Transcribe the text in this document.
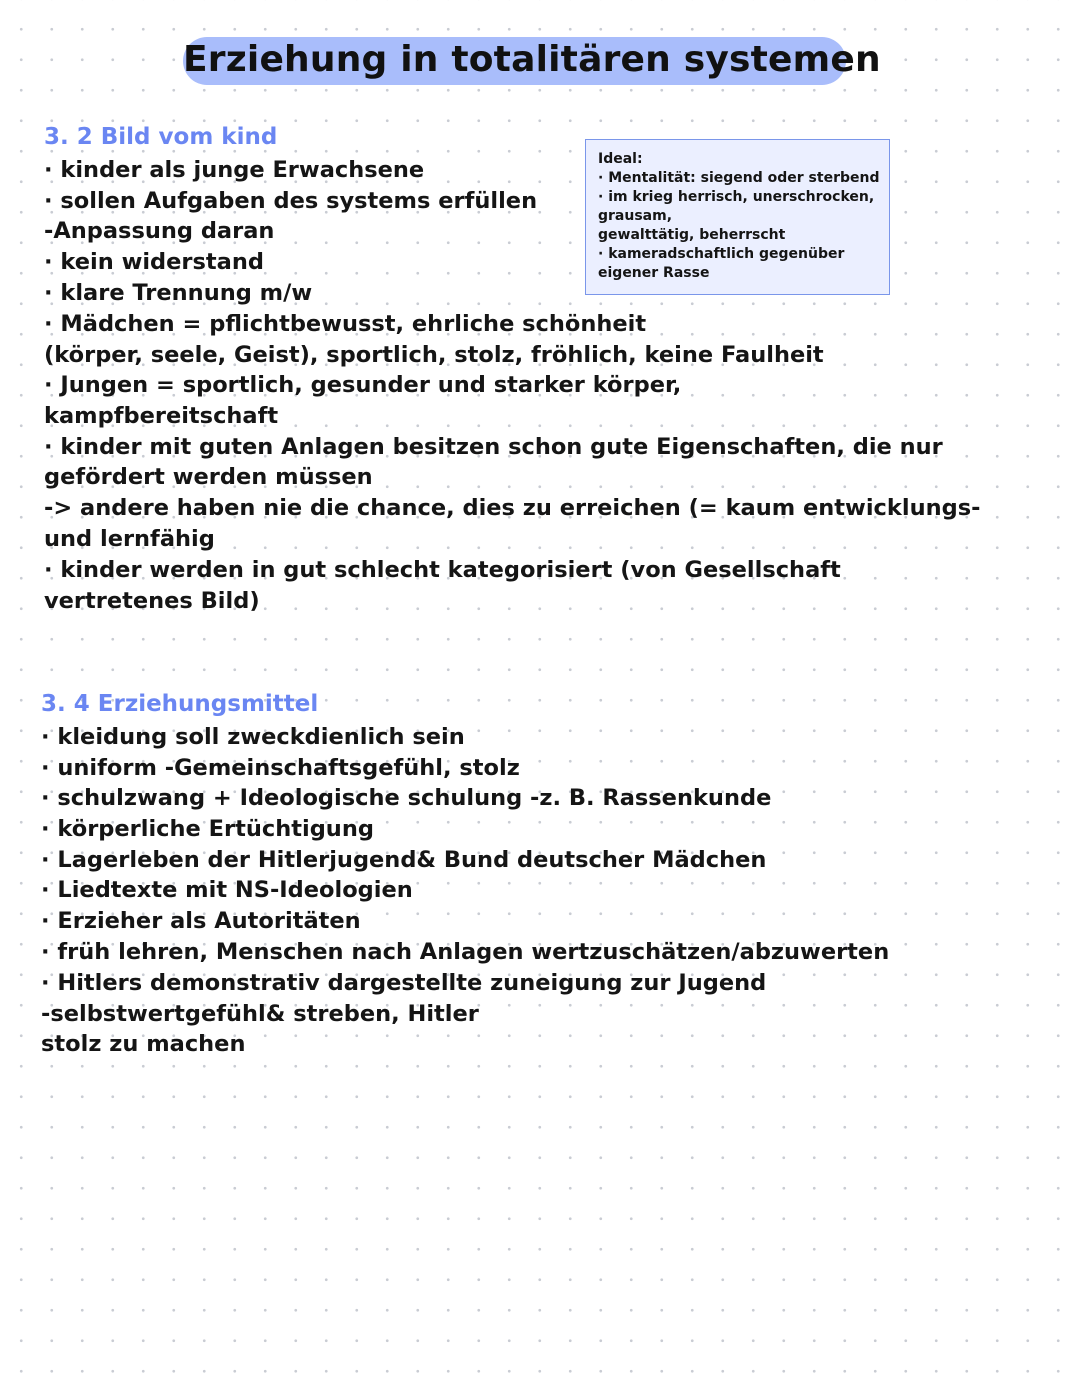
Erziehung in totalitären systemen
3. 2 Bild vom kind
· kinder als junge Erwachsene
· sollen Aufgaben des systems erfüllen
-Anpassung daran
· kein widerstand
· klare Trennung m/w
· Mädchen = pflichtbewusst, ehrliche schönheit
(körper, seele, Geist), sportlich, stolz, fröhlich, keine Faulheit
· Jungen = sportlich, gesunder und starker körper,
kampfbereitschaft
· kinder mit guten Anlagen besitzen schon gute Eigenschaften, die nur
gefördert werden müssen
-> andere haben nie die chance, dies zu erreichen (= kaum entwicklungs-
und lernfähig
· kinder werden in gut schlecht kategorisiert (von Gesellschaft
vertretenes Bild)
Ideal:
· Mentalität: siegend oder sterbend
· im krieg herrisch, unerschrocken,
grausam,
gewalttätig, beherrscht
· kameradschaftlich gegenüber
eigener Rasse
3. 4 Erziehungsmittel
· kleidung soll zweckdienlich sein
· uniform -Gemeinschaftsgefühl, stolz
· schulzwang + Ideologische schulung -z. B. Rassenkunde
· körperliche Ertüchtigung
· Lagerleben der Hitlerjugend& Bund deutscher Mädchen
· Liedtexte mit NS-Ideologien
· Erzieher als Autoritäten
· früh lehren, Menschen nach Anlagen wertzuschätzen/abzuwerten
· Hitlers demonstrativ dargestellte zuneigung zur Jugend
-selbstwertgefühl& streben, Hitler
stolz zu machen
